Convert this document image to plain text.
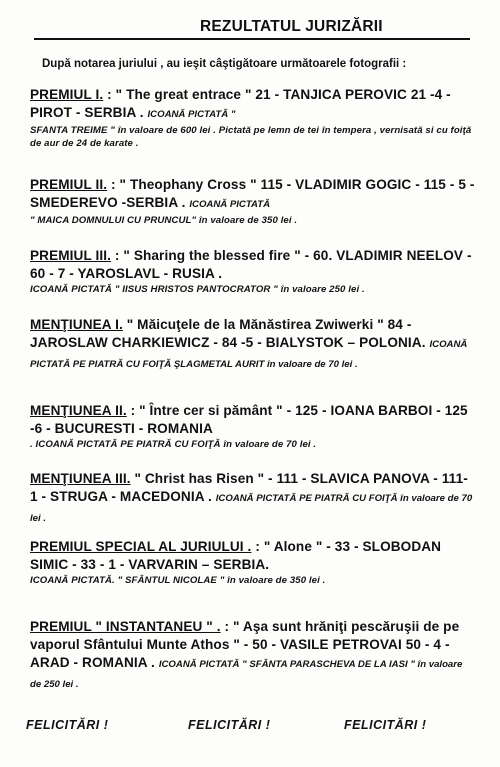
REZULTATUL JURIZĂRII
După notarea juriului , au ieşit câştigătoare următoarele fotografii :
PREMIUL I. : " The great entrace " 21 - TANJICA PEROVIC 21 -4 - PIROT - SERBIA . ICOANĂ PICTATĂ "
SFANTA TREIME " în valoare de 600 lei . Pictată pe lemn de tei în tempera , vernisată si cu foiţă de aur de 24 de karate .
PREMIUL II. : " Theophany Cross " 115 - VLADIMIR GOGIC - 115 - 5 - SMEDEREVO -SERBIA . ICOANĂ PICTATĂ
" MAICA DOMNULUI CU PRUNCUL" în valoare de 350 lei .
PREMIUL III. : " Sharing the blessed fire " - 60. VLADIMIR NEELOV - 60 - 7 - YAROSLAVL - RUSIA .
ICOANĂ PICTATĂ " IISUS HRISTOS PANTOCRATOR " în valoare 250 lei .
MENŢIUNEA I. " Măicuţele de la Mănăstirea Zwiwerki " 84 - JAROSLAW CHARKIEWICZ - 84 -5 - BIALYSTOK – POLONIA. ICOANĂ PICTATĂ PE PIATRĂ CU FOIŢĂ ŞLAGMETAL AURIT în valoare de 70 lei .
MENŢIUNEA II. : " Între cer si pământ " - 125 - IOANA BARBOI - 125 -6 - BUCURESTI - ROMANIA
. ICOANĂ PICTATĂ PE PIATRĂ CU FOIŢĂ în valoare de 70 lei .
MENŢIUNEA III. " Christ has Risen " - 111 - SLAVICA PANOVA - 111- 1 - STRUGA - MACEDONIA . ICOANĂ PICTATĂ PE PIATRĂ CU FOIŢĂ în valoare de 70 lei .
PREMIUL SPECIAL AL JURIULUI . : " Alone " - 33 - SLOBODAN SIMIC - 33 - 1 - VARVARIN – SERBIA.
ICOANĂ PICTATĂ. " SFÂNTUL NICOLAE " în valoare de 350 lei .
PREMIUL " INSTANTANEU " . : " Aşa sunt hrăniţi pescăruşii de pe vaporul Sfântului Munte Athos " - 50 - VASILE PETROVAI 50 - 4 - ARAD - ROMANIA . ICOANĂ PICTATĂ " SFÂNTA PARASCHEVA DE LA IASI " în valoare de 250 lei .
FELICITĂRI !	FELICITĂRI !	FELICITĂRI !
